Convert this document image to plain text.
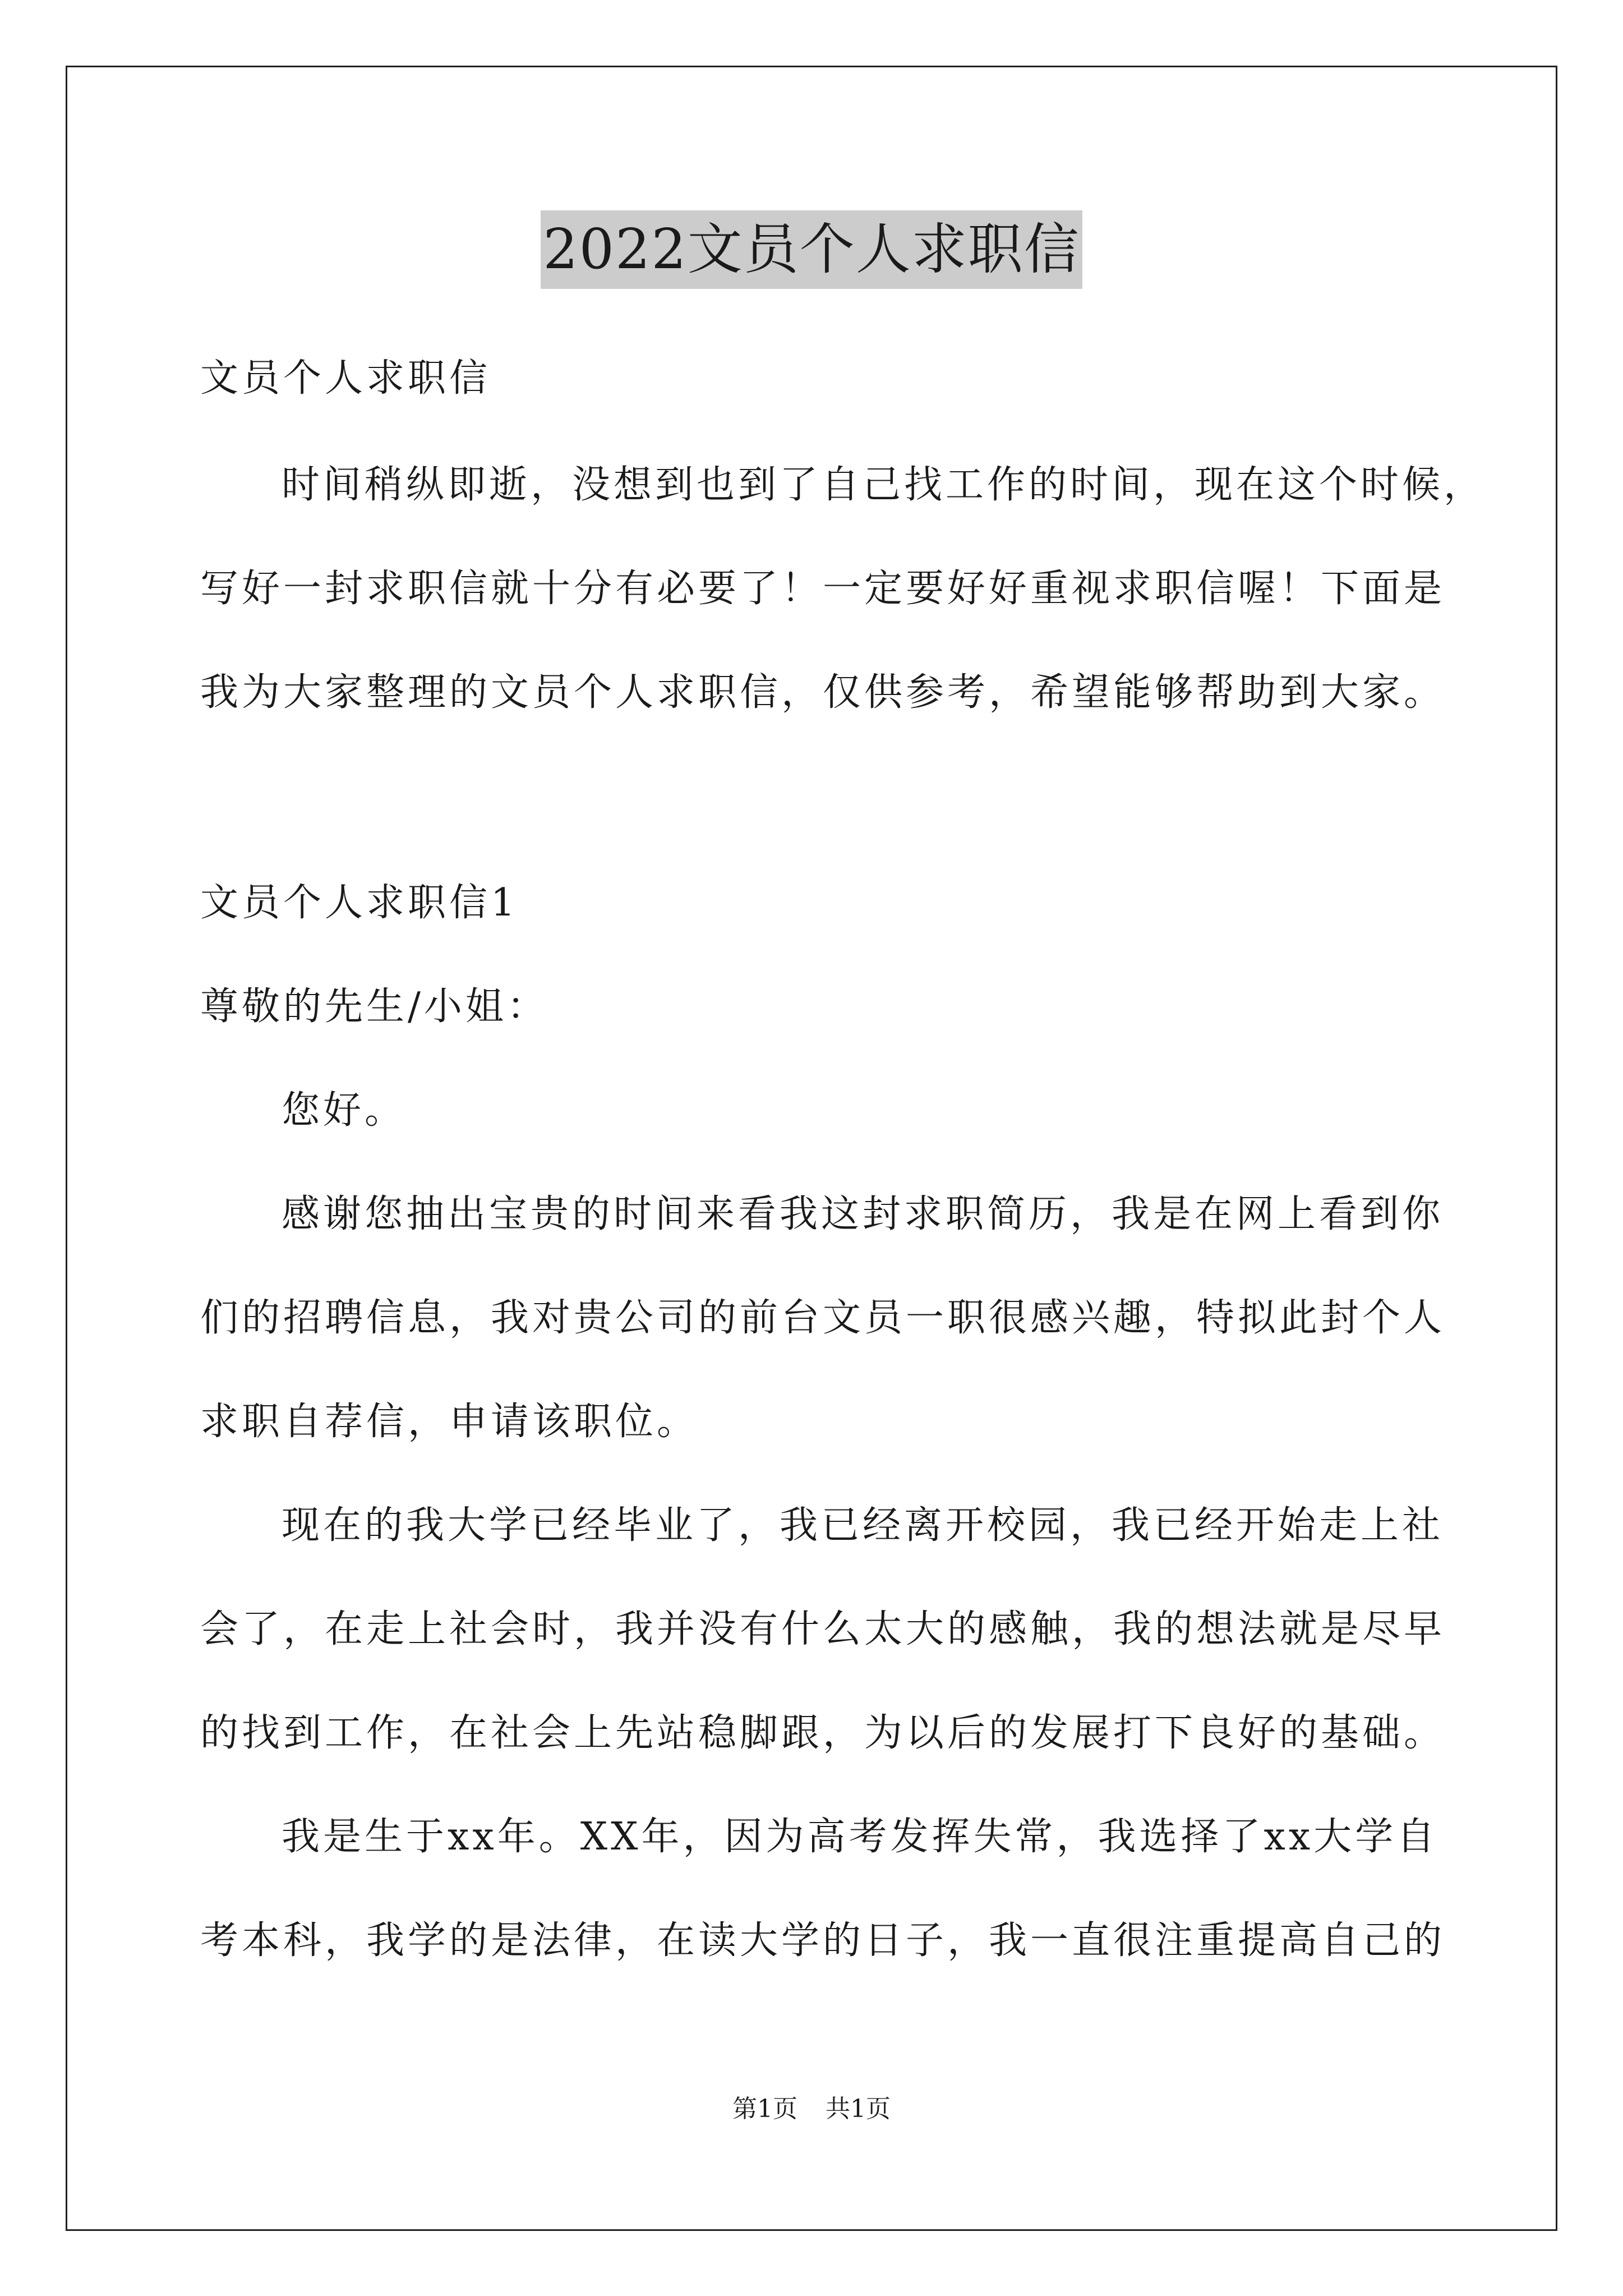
2022文员个人求职信
文员个人求职信
时间稍纵即逝，没想到也到了自己找工作的时间，现在这个时候，
写好一封求职信就十分有必要了！一定要好好重视求职信喔！下面是
我为大家整理的文员个人求职信，仅供参考，希望能够帮助到大家。
文员个人求职信1
尊敬的先生/小姐：
您好。
感谢您抽出宝贵的时间来看我这封求职简历，我是在网上看到你
们的招聘信息，我对贵公司的前台文员一职很感兴趣，特拟此封个人
求职自荐信，申请该职位。
现在的我大学已经毕业了，我已经离开校园，我已经开始走上社
会了，在走上社会时，我并没有什么太大的感触，我的想法就是尽早
的找到工作，在社会上先站稳脚跟，为以后的发展打下良好的基础。
我是生于xx年。XX年，因为高考发挥失常，我选择了xx大学自
考本科，我学的是法律，在读大学的日子，我一直很注重提高自己的
第1页 共1页
